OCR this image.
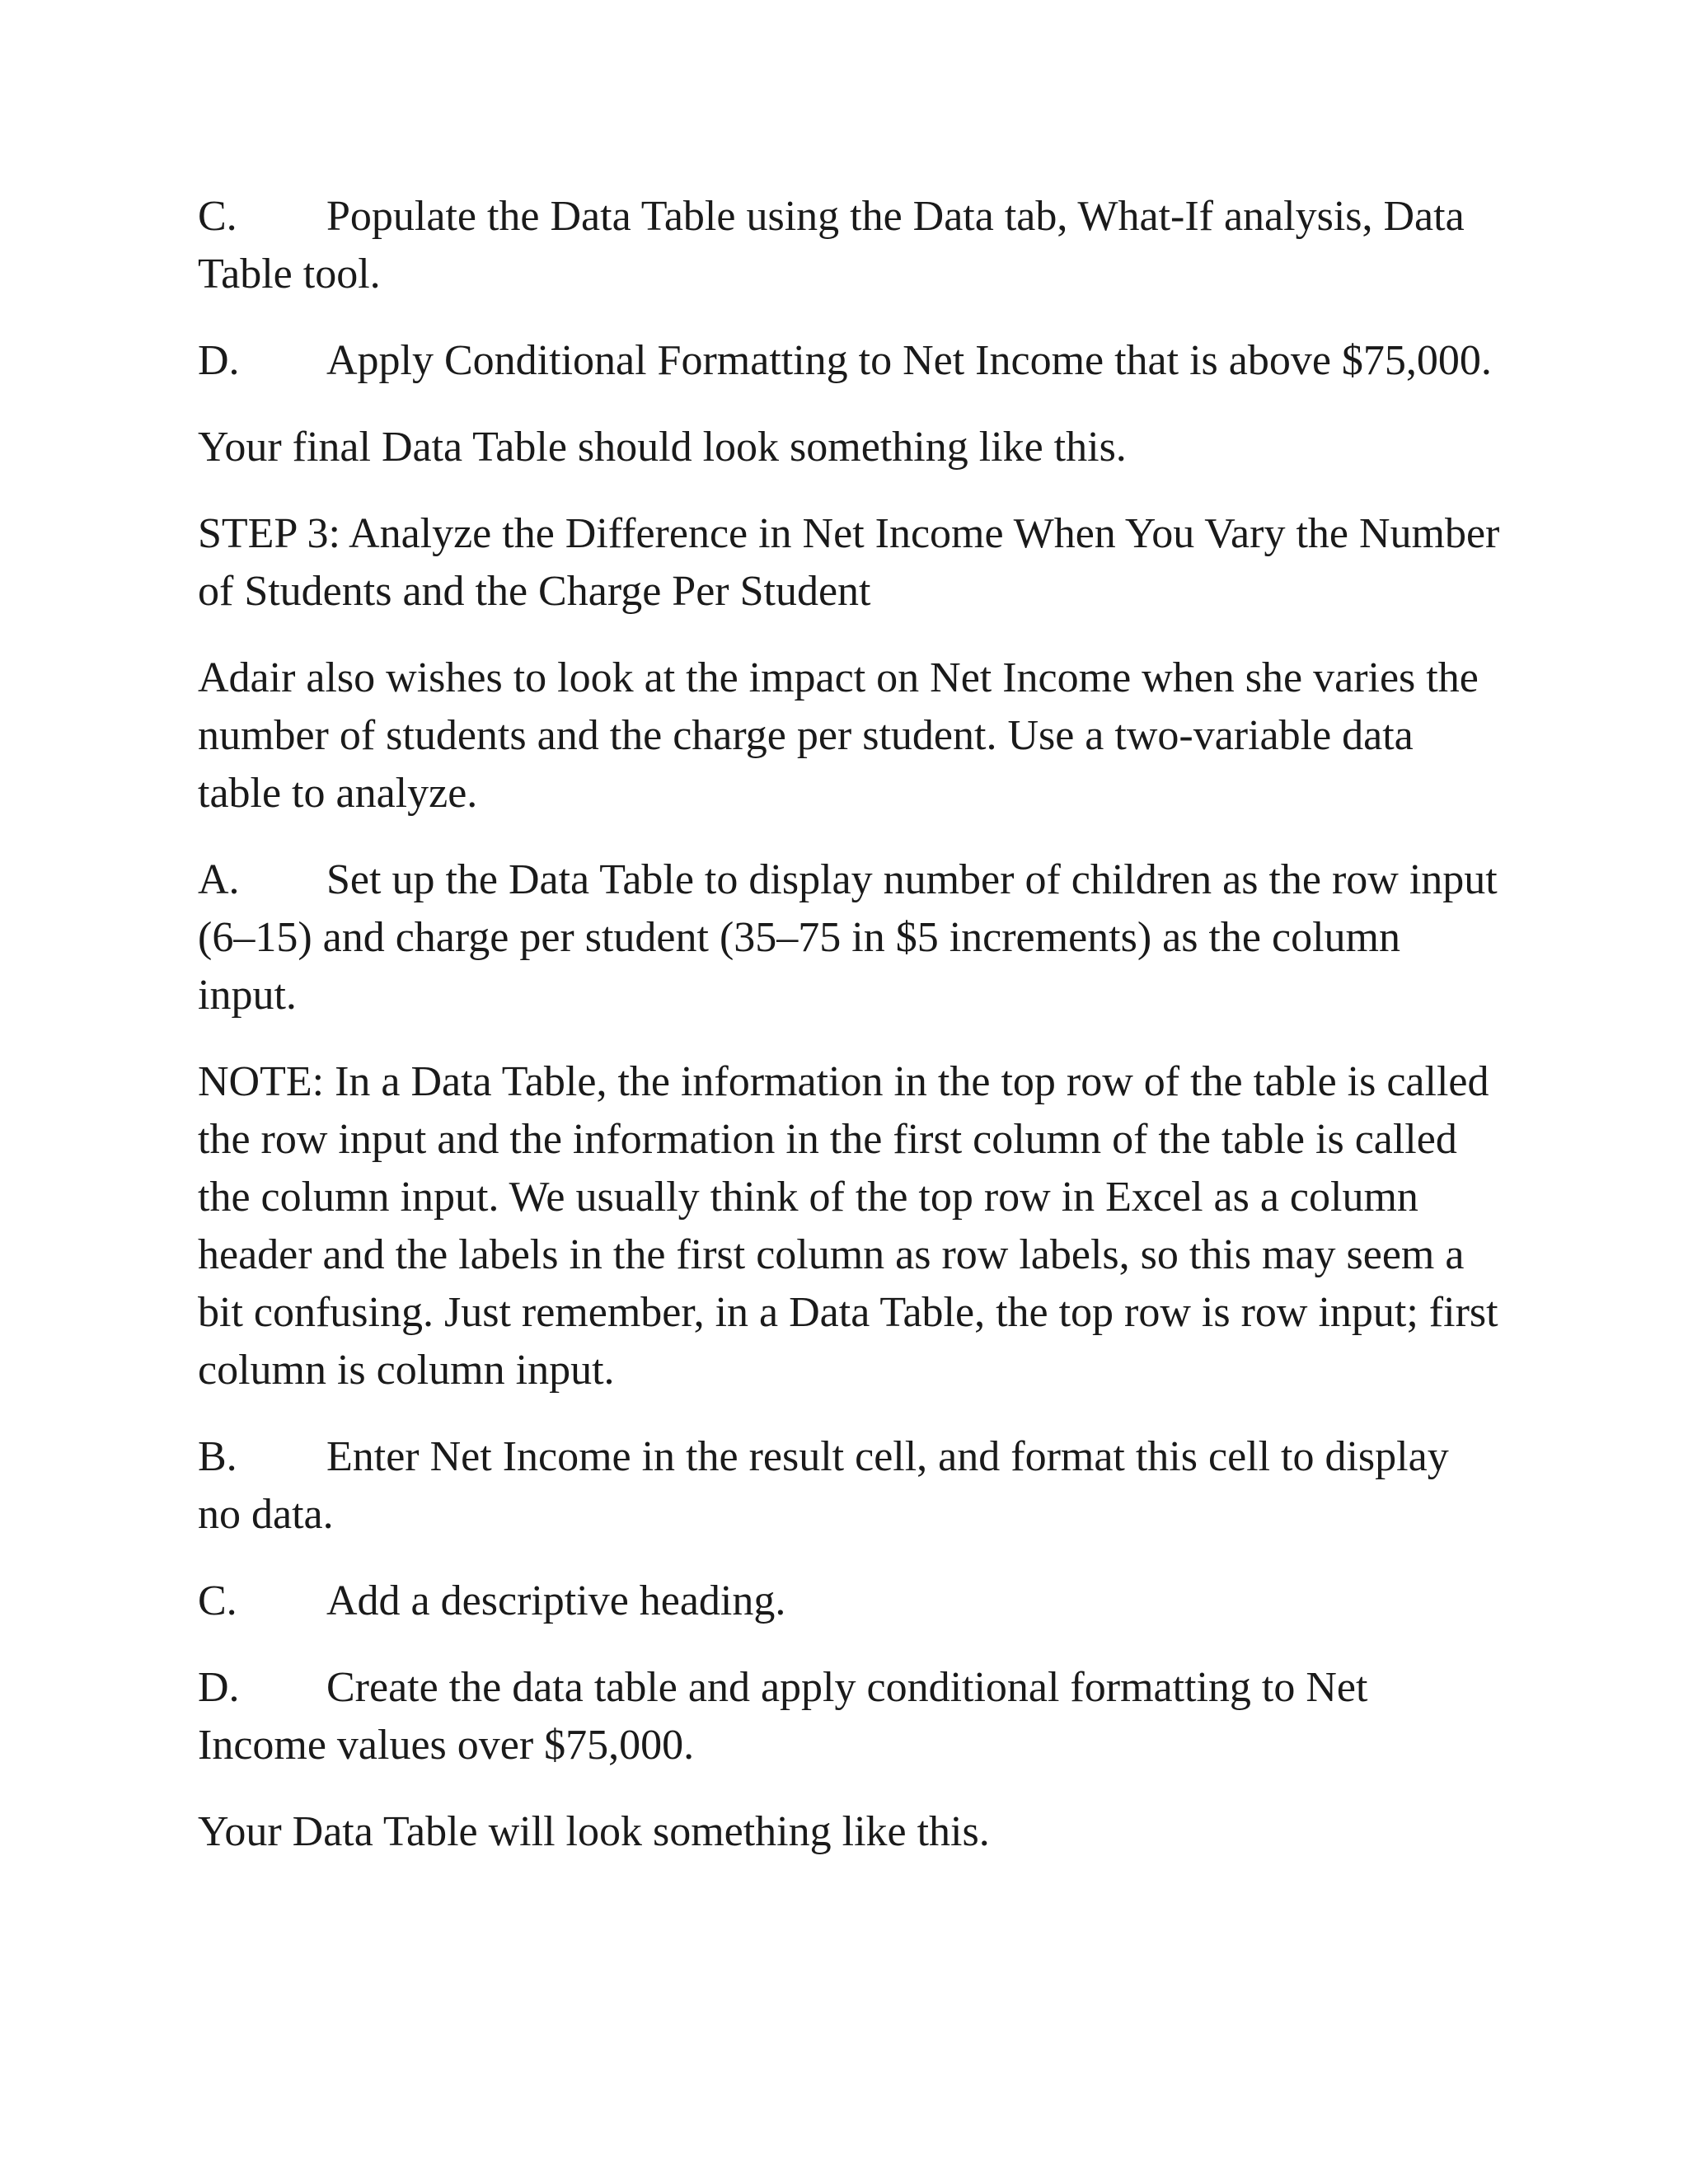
C. Populate the Data Table using the Data tab, What-If analysis, Data Table tool.

D. Apply Conditional Formatting to Net Income that is above $75,000.

Your final Data Table should look something like this.

STEP 3: Analyze the Difference in Net Income When You Vary the Number of Students and the Charge Per Student

Adair also wishes to look at the impact on Net Income when she varies the number of students and the charge per student. Use a two-variable data table to analyze.

A. Set up the Data Table to display number of children as the row input (6–15) and charge per student (35–75 in $5 increments) as the column input.

NOTE: In a Data Table, the information in the top row of the table is called the row input and the information in the first column of the table is called the column input. We usually think of the top row in Excel as a column header and the labels in the first column as row labels, so this may seem a bit confusing. Just remember, in a Data Table, the top row is row input; first column is column input.

B. Enter Net Income in the result cell, and format this cell to display no data.

C. Add a descriptive heading.

D. Create the data table and apply conditional formatting to Net Income values over $75,000.

Your Data Table will look something like this.
